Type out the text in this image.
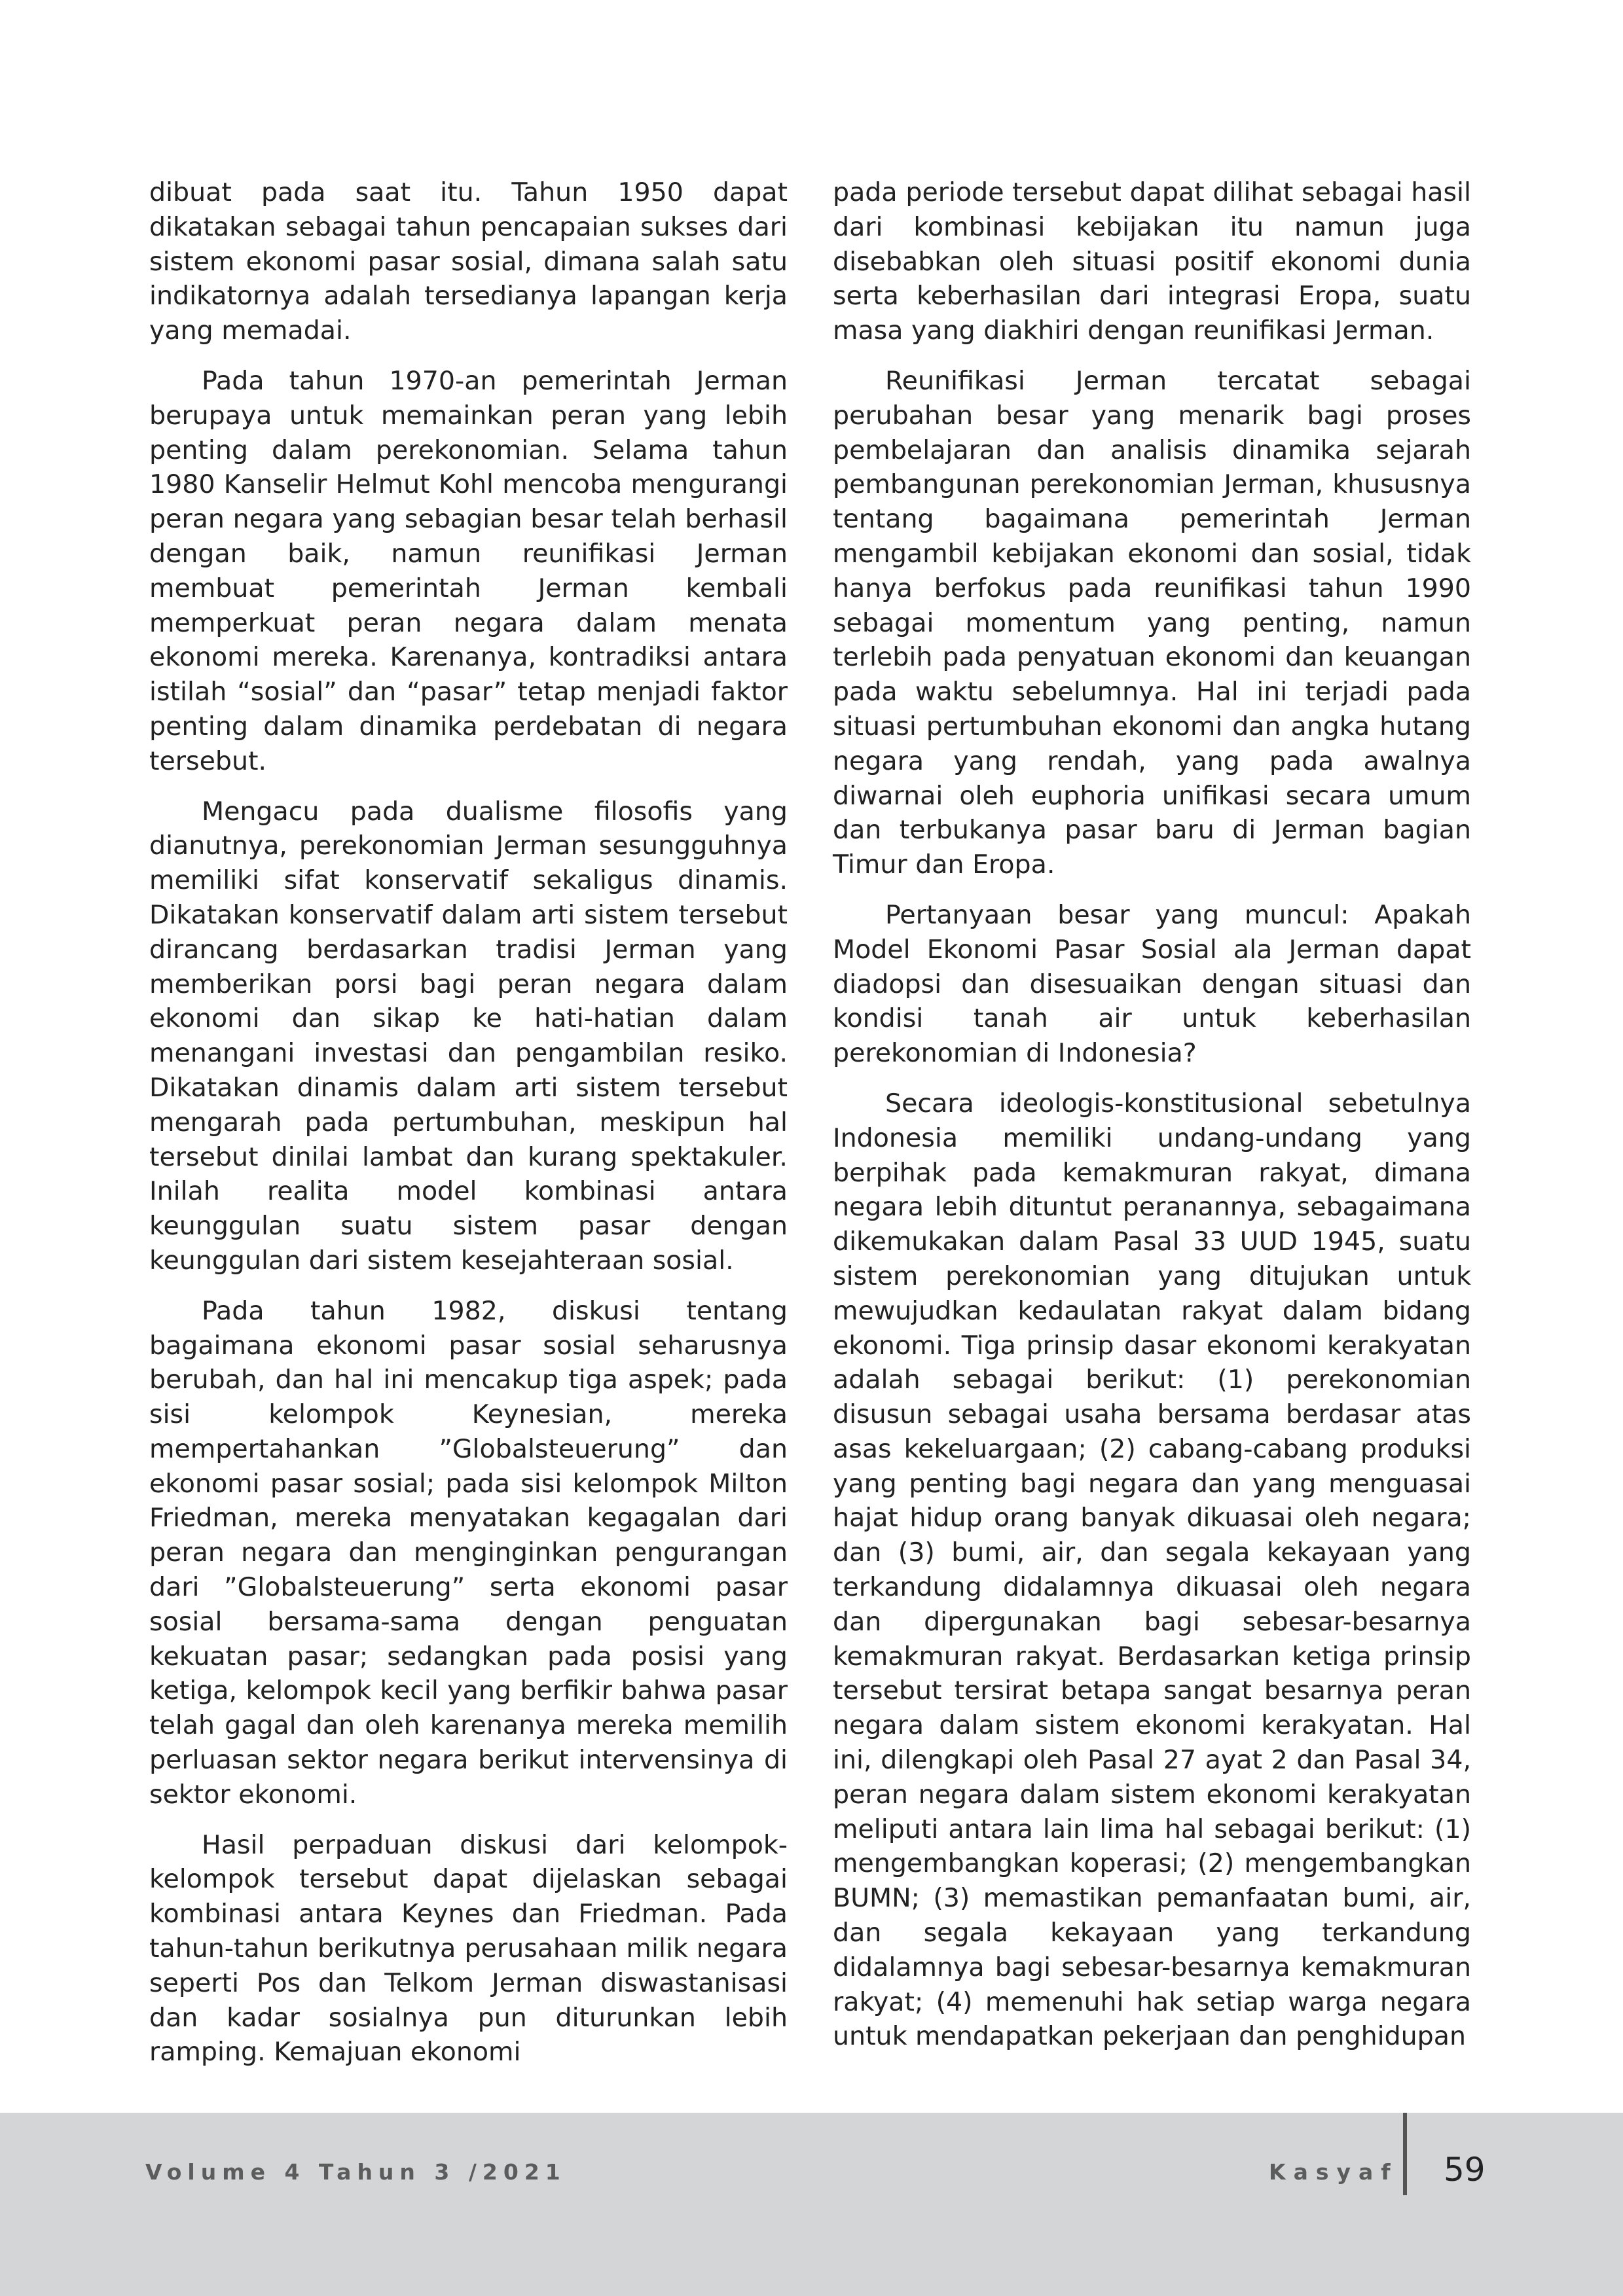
dibuat pada saat itu. Tahun 1950 dapat dikatakan sebagai tahun pencapaian sukses dari sistem ekonomi pasar sosial, dimana salah satu indikatornya adalah tersedianya lapangan kerja yang memadai.

Pada tahun 1970-an pemerintah Jerman berupaya untuk memainkan peran yang lebih penting dalam perekonomian. Selama tahun 1980 Kanselir Helmut Kohl mencoba mengurangi peran negara yang sebagian besar telah berhasil dengan baik, namun reunifikasi Jerman membuat pemerintah Jerman kembali memperkuat peran negara dalam menata ekonomi mereka. Karenanya, kontradiksi antara istilah “sosial” dan “pasar” tetap menjadi faktor penting dalam dinamika perdebatan di negara tersebut.

Mengacu pada dualisme filosofis yang dianutnya, perekonomian Jerman sesungguhnya memiliki sifat konservatif sekaligus dinamis. Dikatakan konservatif dalam arti sistem tersebut dirancang berdasarkan tradisi Jerman yang memberikan porsi bagi peran negara dalam ekonomi dan sikap ke hati-hatian dalam menangani investasi dan pengambilan resiko. Dikatakan dinamis dalam arti sistem tersebut mengarah pada pertumbuhan, meskipun hal tersebut dinilai lambat dan kurang spektakuler. Inilah realita model kombinasi antara keunggulan suatu sistem pasar dengan keunggulan dari sistem kesejahteraan sosial.

Pada tahun 1982, diskusi tentang bagaimana ekonomi pasar sosial seharusnya berubah, dan hal ini mencakup tiga aspek; pada sisi kelompok Keynesian, mereka mempertahankan ”Globalsteuerung” dan ekonomi pasar sosial; pada sisi kelompok Milton Friedman, mereka menyatakan kegagalan dari peran negara dan menginginkan pengurangan dari ”Globalsteuerung” serta ekonomi pasar sosial bersama-sama dengan penguatan kekuatan pasar; sedangkan pada posisi yang ketiga, kelompok kecil yang berfikir bahwa pasar telah gagal dan oleh karenanya mereka memilih perluasan sektor negara berikut intervensinya di sektor ekonomi.

Hasil perpaduan diskusi dari kelompok-kelompok tersebut dapat dijelaskan sebagai kombinasi antara Keynes dan Friedman. Pada tahun-tahun berikutnya perusahaan milik negara seperti Pos dan Telkom Jerman diswastanisasi dan kadar sosialnya pun diturunkan lebih ramping. Kemajuan ekonomi

pada periode tersebut dapat dilihat sebagai hasil dari kombinasi kebijakan itu namun juga disebabkan oleh situasi positif ekonomi dunia serta keberhasilan dari integrasi Eropa, suatu masa yang diakhiri dengan reunifikasi Jerman.

Reunifikasi Jerman tercatat sebagai perubahan besar yang menarik bagi proses pembelajaran dan analisis dinamika sejarah pembangunan perekonomian Jerman, khususnya tentang bagaimana pemerintah Jerman mengambil kebijakan ekonomi dan sosial, tidak hanya berfokus pada reunifikasi tahun 1990 sebagai momentum yang penting, namun terlebih pada penyatuan ekonomi dan keuangan pada waktu sebelumnya. Hal ini terjadi pada situasi pertumbuhan ekonomi dan angka hutang negara yang rendah, yang pada awalnya diwarnai oleh euphoria unifikasi secara umum dan terbukanya pasar baru di Jerman bagian Timur dan Eropa.

Pertanyaan besar yang muncul: Apakah Model Ekonomi Pasar Sosial ala Jerman dapat diadopsi dan disesuaikan dengan situasi dan kondisi tanah air untuk keberhasilan perekonomian di Indonesia?

Secara ideologis-konstitusional sebetulnya Indonesia memiliki undang-undang yang berpihak pada kemakmuran rakyat, dimana negara lebih dituntut peranannya, sebagaimana dikemukakan dalam Pasal 33 UUD 1945, suatu sistem perekonomian yang ditujukan untuk mewujudkan kedaulatan rakyat dalam bidang ekonomi. Tiga prinsip dasar ekonomi kerakyatan adalah sebagai berikut: (1) perekonomian disusun sebagai usaha bersama berdasar atas asas kekeluargaan; (2) cabang-cabang produksi yang penting bagi negara dan yang menguasai hajat hidup orang banyak dikuasai oleh negara; dan (3) bumi, air, dan segala kekayaan yang terkandung didalamnya dikuasai oleh negara dan dipergunakan bagi sebesar-besarnya kemakmuran rakyat. Berdasarkan ketiga prinsip tersebut tersirat betapa sangat besarnya peran negara dalam sistem ekonomi kerakyatan. Hal ini, dilengkapi oleh Pasal 27 ayat 2 dan Pasal 34, peran negara dalam sistem ekonomi kerakyatan meliputi antara lain lima hal sebagai berikut: (1) mengembangkan koperasi; (2) mengembangkan BUMN; (3) memastikan pemanfaatan bumi, air, dan segala kekayaan yang terkandung didalamnya bagi sebesar-besarnya kemakmuran rakyat; (4) memenuhi hak setiap warga negara untuk mendapatkan pekerjaan dan penghidupan

Volume 4 Tahun 3 /2021	Kasyaf 59
